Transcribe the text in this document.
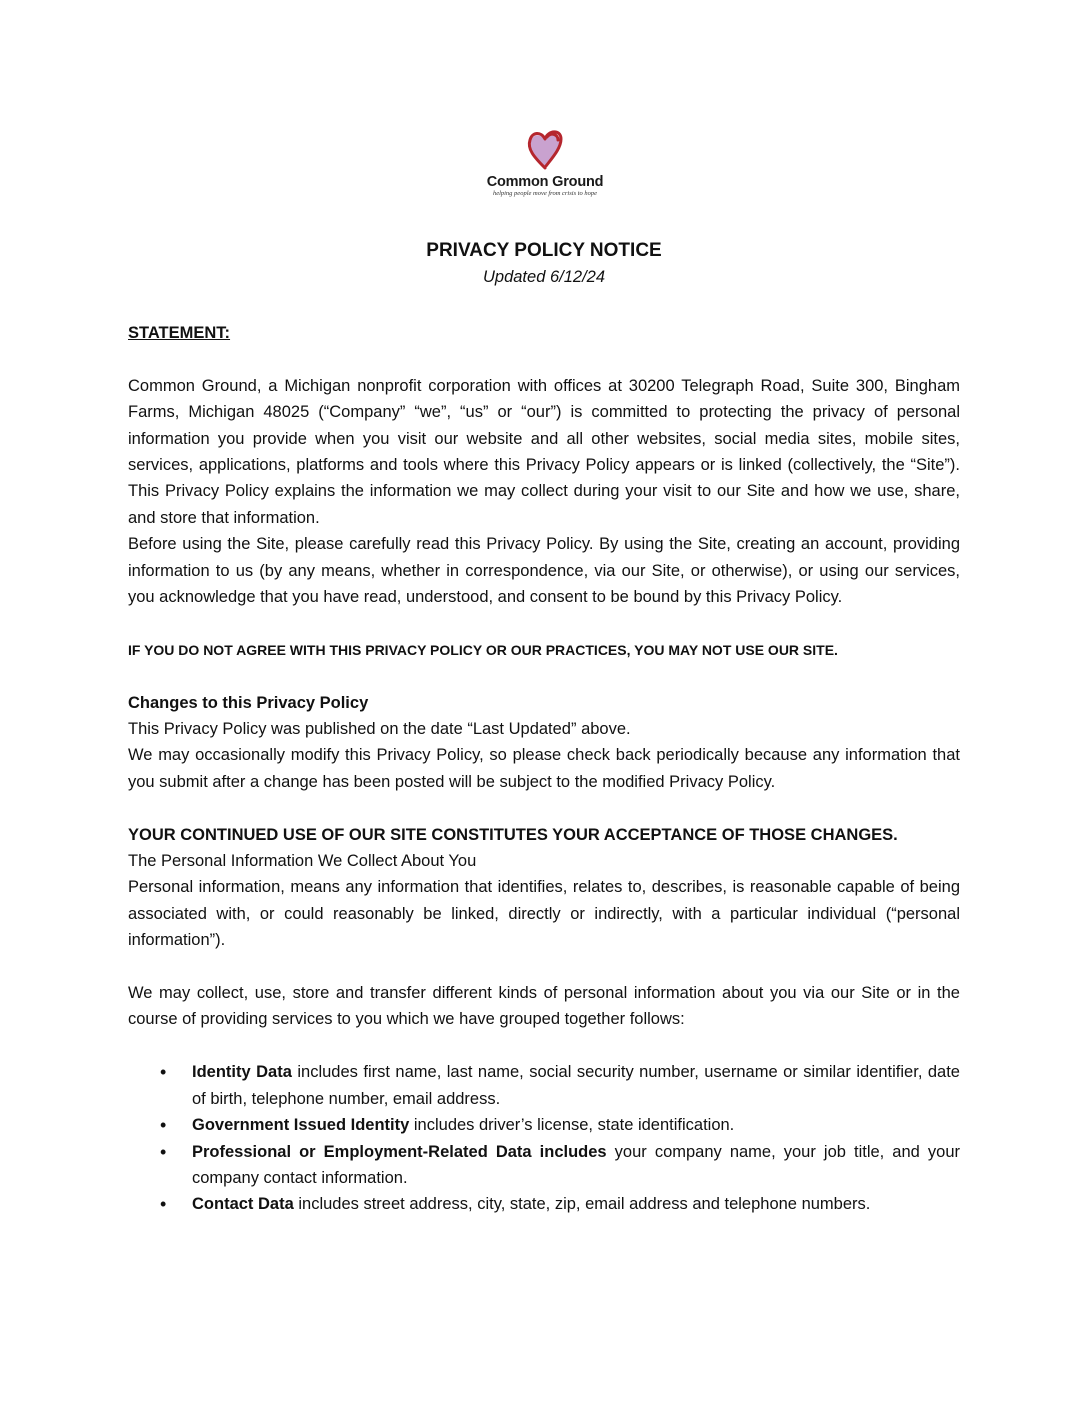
Common Ground
helping people move from crisis to hope
PRIVACY POLICY NOTICE
Updated 6/12/24

STATEMENT:

Common Ground, a Michigan nonprofit corporation with offices at 30200 Telegraph Road, Suite 300, Bingham Farms, Michigan 48025 (“Company” “we”, “us” or “our”) is committed to protecting the privacy of personal information you provide when you visit our website and all other websites, social media sites, mobile sites, services, applications, platforms and tools where this Privacy Policy appears or is linked (collectively, the “Site”). This Privacy Policy explains the information we may collect during your visit to our Site and how we use, share, and store that information.

Before using the Site, please carefully read this Privacy Policy. By using the Site, creating an account, providing information to us (by any means, whether in correspondence, via our Site, or otherwise), or using our services, you acknowledge that you have read, understood, and consent to be bound by this Privacy Policy.

IF YOU DO NOT AGREE WITH THIS PRIVACY POLICY OR OUR PRACTICES, YOU MAY NOT USE OUR SITE.

Changes to this Privacy Policy

This Privacy Policy was published on the date “Last Updated” above.

We may occasionally modify this Privacy Policy, so please check back periodically because any information that you submit after a change has been posted will be subject to the modified Privacy Policy.

YOUR CONTINUED USE OF OUR SITE CONSTITUTES YOUR ACCEPTANCE OF THOSE CHANGES.

The Personal Information We Collect About You

Personal information, means any information that identifies, relates to, describes, is reasonable capable of being associated with, or could reasonably be linked, directly or indirectly, with a particular individual (“personal information”).

We may collect, use, store and transfer different kinds of personal information about you via our Site or in the course of providing services to you which we have grouped together follows:

• Identity Data includes first name, last name, social security number, username or similar identifier, date of birth, telephone number, email address.
• Government Issued Identity includes driver’s license, state identification.
• Professional or Employment-Related Data includes your company name, your job title, and your company contact information.
• Contact Data includes street address, city, state, zip, email address and telephone numbers.
